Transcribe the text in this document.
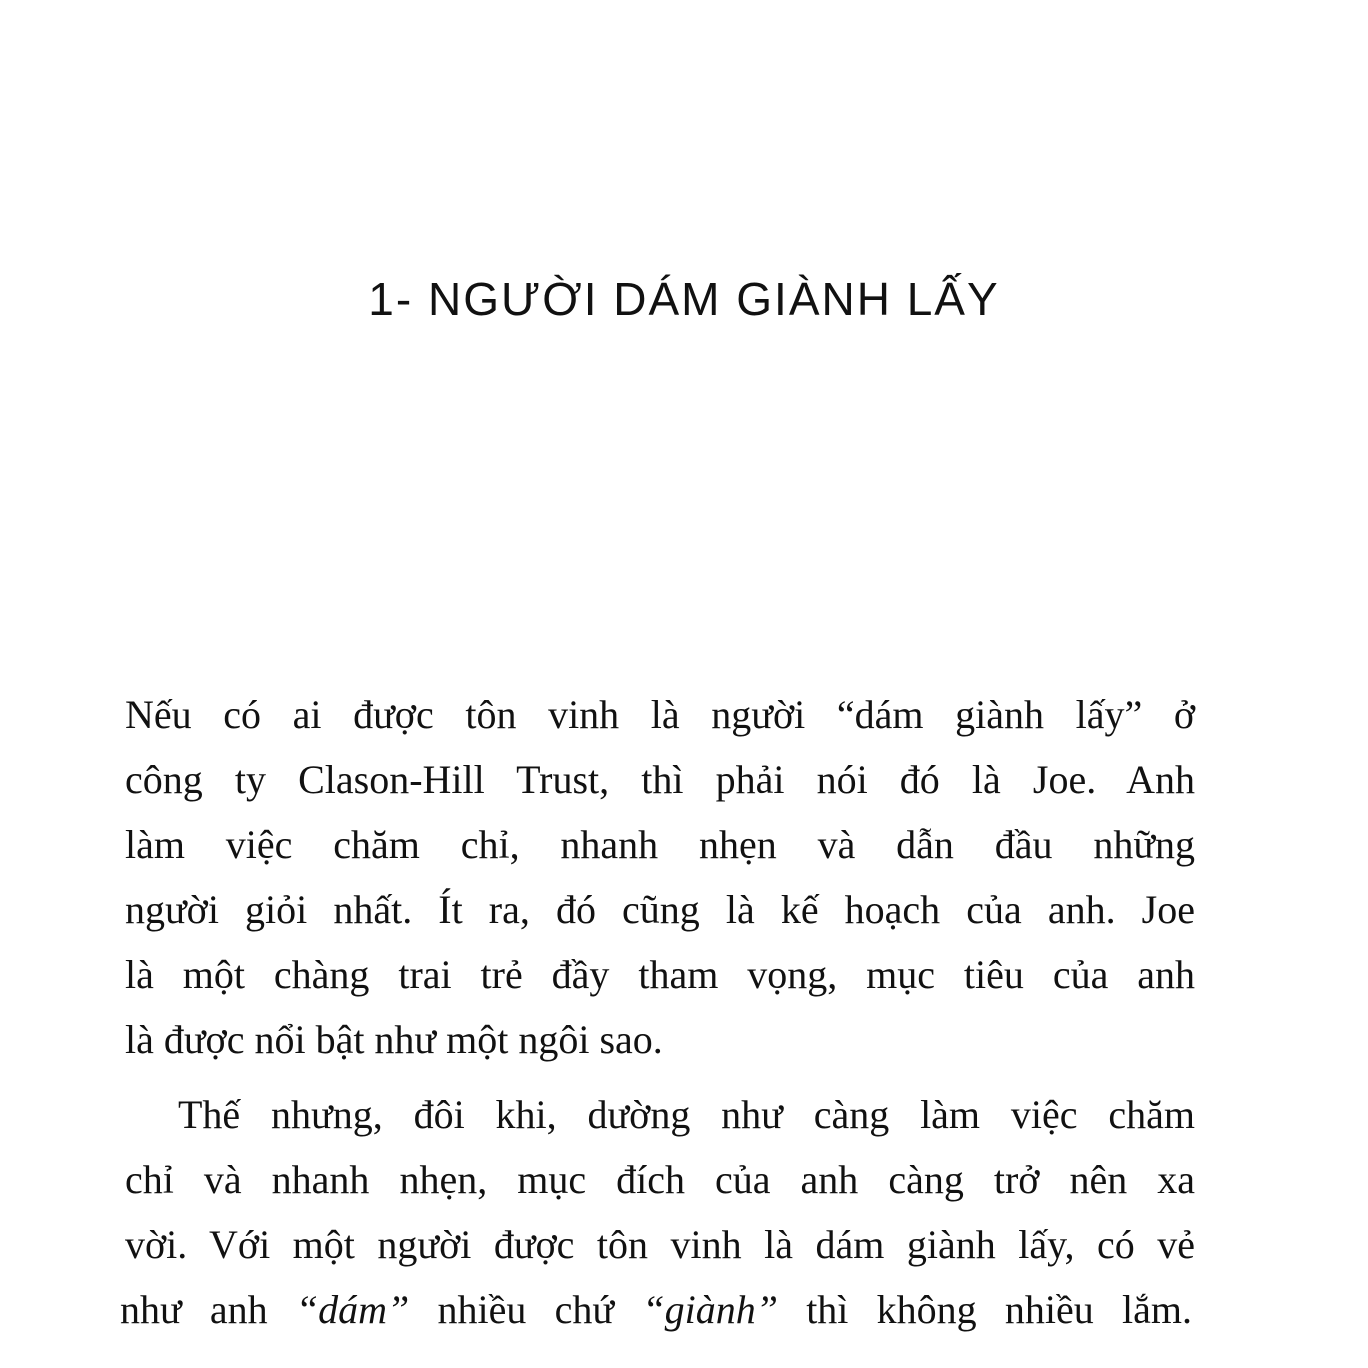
1- NGƯỜI DÁM GIÀNH LẤY
Nếu có ai được tôn vinh là người “dám giành lấy” ở
công ty Clason-Hill Trust, thì phải nói đó là Joe. Anh
làm việc chăm chỉ, nhanh nhẹn và dẫn đầu những
người giỏi nhất. Ít ra, đó cũng là kế hoạch của anh. Joe
là một chàng trai trẻ đầy tham vọng, mục tiêu của anh
là được nổi bật như một ngôi sao.
Thế nhưng, đôi khi, dường như càng làm việc chăm
chỉ và nhanh nhẹn, mục đích của anh càng trở nên xa
vời. Với một người được tôn vinh là dám giành lấy, có vẻ
như anh “dám” nhiều chứ “giành” thì không nhiều lắm.
